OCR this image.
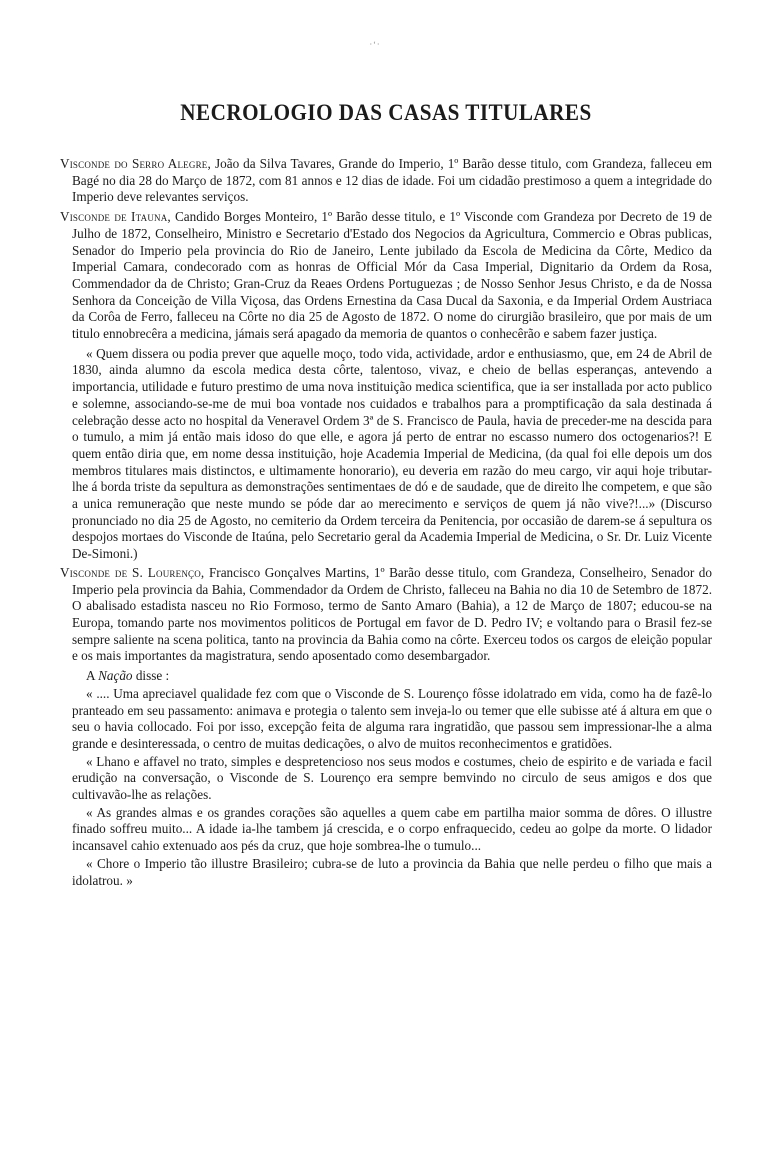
·ʻ·
NECROLOGIO DAS CASAS TITULARES

Visconde do Serro Alegre, João da Silva Tavares, Grande do Imperio, 1º Barão desse titulo, com Grandeza, falleceu em Bagé no dia 28 do Março de 1872, com 81 annos e 12 dias de idade. Foi um cidadão prestimoso a quem a integridade do Imperio deve relevantes serviços.

Visconde de Itauna, Candido Borges Monteiro, 1º Barão desse titulo, e 1º Visconde com Grandeza por Decreto de 19 de Julho de 1872, Conselheiro, Ministro e Secretario d'Estado dos Negocios da Agricultura, Commercio e Obras publicas, Senador do Imperio pela provincia do Rio de Janeiro, Lente jubilado da Escola de Medicina da Côrte, Medico da Imperial Camara, condecorado com as honras de Official Mór da Casa Imperial, Dignitario da Ordem da Rosa, Commendador da de Christo; Gran-Cruz da Reaes Ordens Portuguezas ; de Nosso Senhor Jesus Christo, e da de Nossa Senhora da Conceição de Villa Viçosa, das Ordens Ernestina da Casa Ducal da Saxonia, e da Imperial Ordem Austriaca da Corôa de Ferro, falleceu na Côrte no dia 25 de Agosto de 1872. O nome do cirurgião brasileiro, que por mais de um titulo ennobrecêra a medicina, jámais será apagado da memoria de quantos o conhecêrão e sabem fazer justiça.

« Quem dissera ou podia prever que aquelle moço, todo vida, actividade, ardor e enthusiasmo, que, em 24 de Abril de 1830, ainda alumno da escola medica desta côrte, talentoso, vivaz, e cheio de bellas esperanças, antevendo a importancia, utilidade e futuro prestimo de uma nova instituição medica scientifica, que ia ser installada por acto publico e solemne, associando-se-me de mui boa vontade nos cuidados e trabalhos para a promptificação da sala destinada á celebração desse acto no hospital da Veneravel Ordem 3ª de S. Francisco de Paula, havia de preceder-me na descida para o tumulo, a mim já então mais idoso do que elle, e agora já perto de entrar no escasso numero dos octogenarios?! E quem então diria que, em nome dessa instituição, hoje Academia Imperial de Medicina, (da qual foi elle depois um dos membros titulares mais distinctos, e ultimamente honorario), eu deveria em razão do meu cargo, vir aqui hoje tributar-lhe á borda triste da sepultura as demonstrações sentimentaes de dó e de saudade, que de direito lhe competem, e que são a unica remuneração que neste mundo se póde dar ao merecimento e serviços de quem já não vive?!...» (Discurso pronunciado no dia 25 de Agosto, no cemiterio da Ordem terceira da Penitencia, por occasião de darem-se á sepultura os despojos mortaes do Visconde de Itaúna, pelo Secretario geral da Academia Imperial de Medicina, o Sr. Dr. Luiz Vicente De-Simoni.)

Visconde de S. Lourenço, Francisco Gonçalves Martins, 1º Barão desse titulo, com Grandeza, Conselheiro, Senador do Imperio pela provincia da Bahia, Commendador da Ordem de Christo, falleceu na Bahia no dia 10 de Setembro de 1872. O abalisado estadista nasceu no Rio Formoso, termo de Santo Amaro (Bahia), a 12 de Março de 1807; educou-se na Europa, tomando parte nos movimentos politicos de Portugal em favor de D. Pedro IV; e voltando para o Brasil fez-se sempre saliente na scena politica, tanto na provincia da Bahia como na côrte. Exerceu todos os cargos de eleição popular e os mais importantes da magistratura, sendo aposentado como desembargador.

A Nação disse :

« .... Uma apreciavel qualidade fez com que o Visconde de S. Lourenço fôsse idolatrado em vida, como ha de fazê-lo pranteado em seu passamento: animava e protegia o talento sem inveja-lo ou temer que elle subisse até á altura em que o seu o havia collocado. Foi por isso, excepção feita de alguma rara ingratidão, que passou sem impressionar-lhe a alma grande e desinteressada, o centro de muitas dedicações, o alvo de muitos reconhecimentos e gratidões.

« Lhano e affavel no trato, simples e despretencioso nos seus modos e costumes, cheio de espirito e de variada e facil erudição na conversação, o Visconde de S. Lourenço era sempre bemvindo no circulo de seus amigos e dos que cultivavão-lhe as relações.

« As grandes almas e os grandes corações são aquelles a quem cabe em partilha maior somma de dôres. O illustre finado soffreu muito... A idade ia-lhe tambem já crescida, e o corpo enfraquecido, cedeu ao golpe da morte. O lidador incansavel cahio extenuado aos pés da cruz, que hoje sombrea-lhe o tumulo...

« Chore o Imperio tão illustre Brasileiro; cubra-se de luto a provincia da Bahia que nelle perdeu o filho que mais a idolatrou. »
